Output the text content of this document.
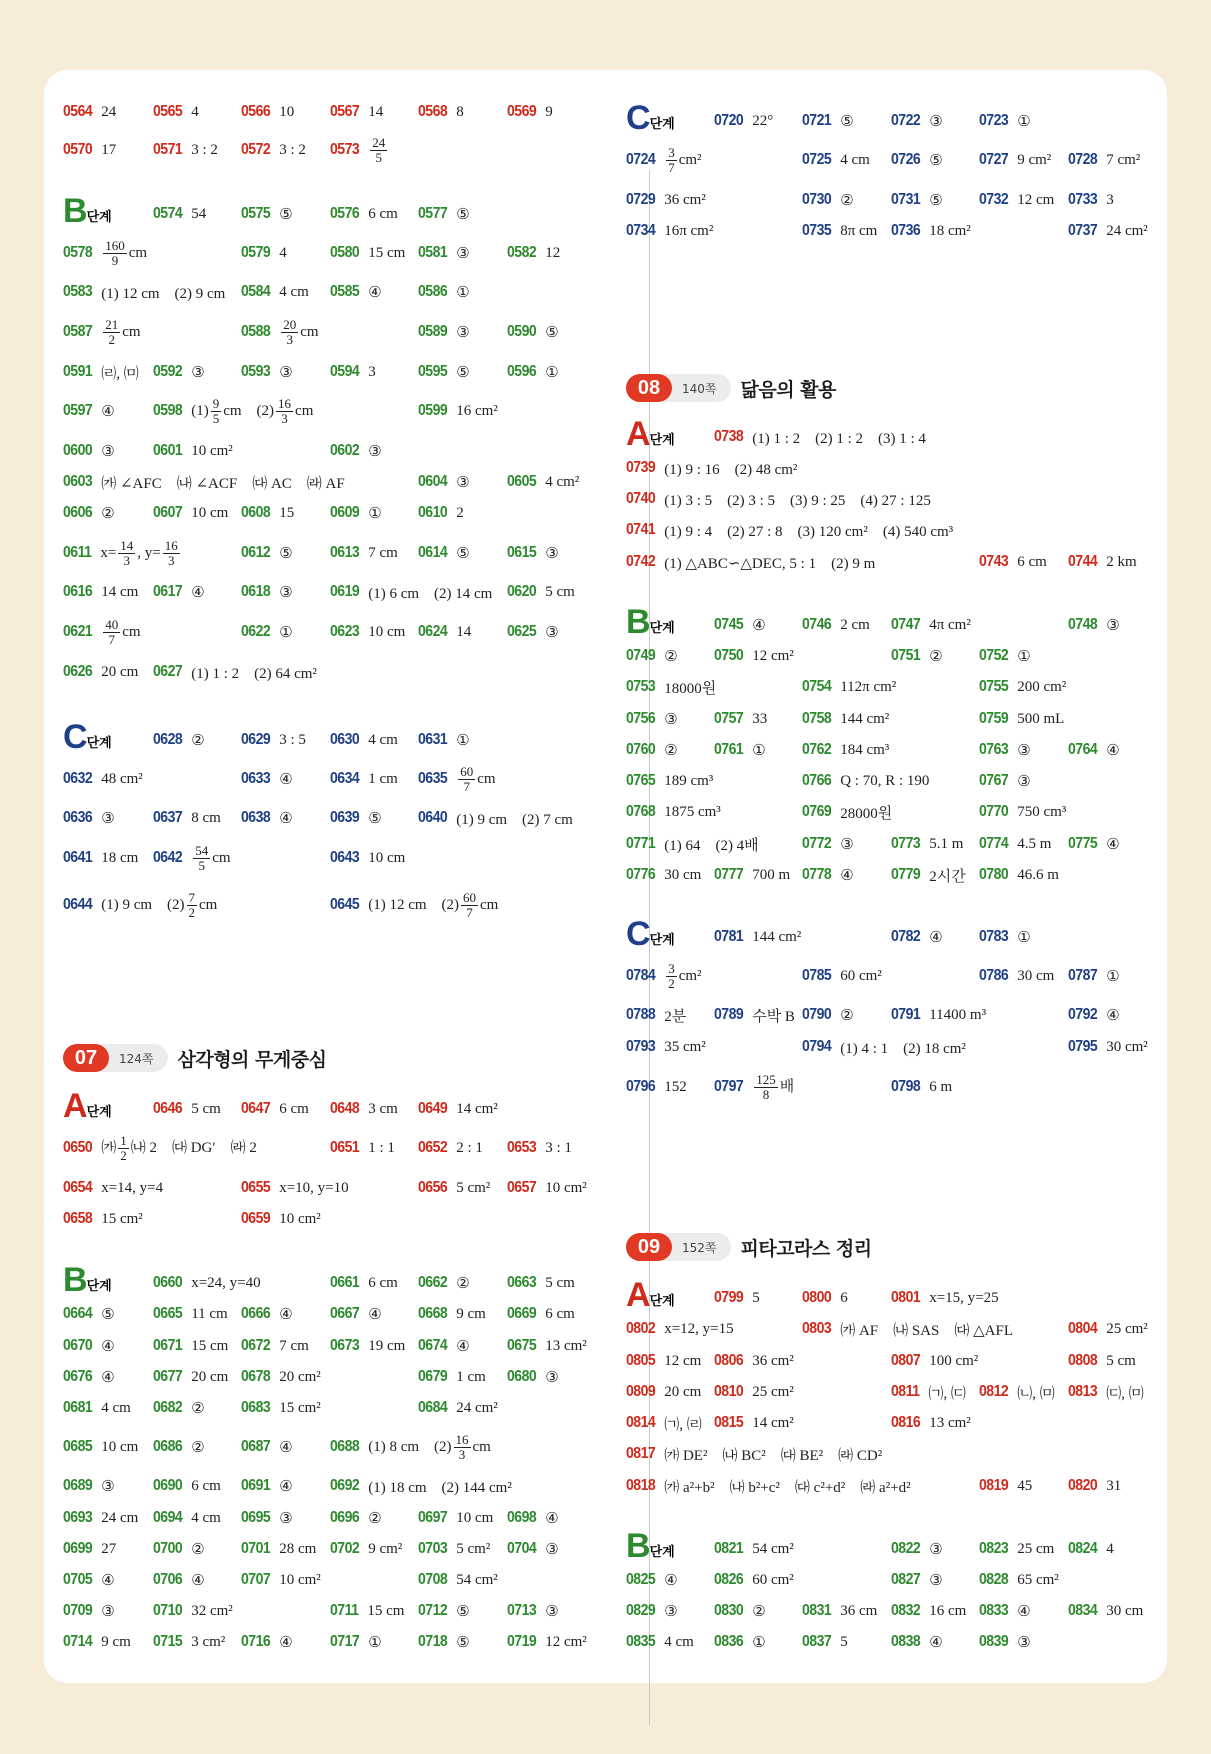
0564 24 0565 4	0566 10 0567 14 0568 8	0569 9
0570 17 0571 3 : 2 0572 3 : 2 $0573 \frac{24}{5}$
0574 54 0575 ⑤ 0576 6 cm 0577 ⑤
$0578 \frac{160}{9}$ cm	0579 4	0580 15 cm 0581 ③ 0582 12
0583 (1) 12 cm　(2) 9 cm 0584 4 cm 0585 ④ 0586 ①
$0587 \frac{21}{2}$ cm	$0588 \frac{20}{3}$ cm	0589 ③ 0590 ⑤
0591 ㈃, ㈄ 0592 ③ 0593 ③ 0594 3	0595 ⑤ 0596 ①
0597 ④ 0598 $(1) \frac{9}{5}$ cm　$(2) \frac{16}{3}$ cm	0599 16 cm²
0600 ③ 0601 10 cm²	0602 ③
0603 ㈎ ∠AFC　㈏ ∠ACF　㈐ AC　㈑ AF	0604 ③ 0605 4 cm²
0606 ② 0607 10 cm 0608 15 0609 ① 0610 2
0611 $x= \frac{14}{3}$ , $y= \frac{16}{3}$	0612 ⑤ 0613 7 cm 0614 ⑤ 0615 ③
0616 14 cm 0617 ④ 0618 ③ 0619 (1) 6 cm　(2) 14 cm 0620 5 cm
$0621 \frac{40}{7}$ cm	0622 ① 0623 10 cm 0624 14 0625 ③
0626 20 cm 0627 (1) 1 : 2　(2) 64 cm²
0628 ② 0629 3 : 5 0630 4 cm 0631 ①
0632 48 cm²	0633 ④ 0634 1 cm $0635 \frac{60}{7}$ cm
0636 ③ 0637 8 cm 0638 ④ 0639 ⑤ 0640 (1) 9 cm　(2) 7 cm
0641 18 cm $0642 \frac{54}{5}$ cm	0643 10 cm
0644 (1) 9 cm　$(2) \frac{7}{2}$ cm	0645 (1) 12 cm　$(2) \frac{60}{7}$ cm
0646 5 cm 0647 6 cm 0648 3 cm 0649 14 cm²
0650 ㈎ $\frac{1}{2}$ ㈏ 2　㈐ DG′　㈑ 2	0651 1 : 1 0652 2 : 1 0653 3 : 1
0654 x=14, y=4	0655 x=10, y=10	0656 5 cm² 0657 10 cm²
0658 15 cm²	0659 10 cm²
0660 x=24, y=40	0661 6 cm 0662 ② 0663 5 cm
0664 ⑤ 0665 11 cm 0666 ④ 0667 ④ 0668 9 cm 0669 6 cm
0670 ④ 0671 15 cm 0672 7 cm 0673 19 cm 0674 ④ 0675 13 cm²
0676 ④ 0677 20 cm 0678 20 cm²	0679 1 cm 0680 ③
0681 4 cm 0682 ② 0683 15 cm²	0684 24 cm²
0685 10 cm 0686 ② 0687 ④ 0688 (1) 8 cm　$(2) \frac{16}{3}$ cm
0689 ③ 0690 6 cm 0691 ④ 0692 (1) 18 cm　(2) 144 cm²
0693 24 cm 0694 4 cm 0695 ③ 0696 ② 0697 10 cm 0698 ④
0699 27 0700 ② 0701 28 cm 0702 9 cm² 0703 5 cm² 0704 ③
0705 ④ 0706 ④ 0707 10 cm²	0708 54 cm²
0709 ③ 0710 32 cm²	0711 15 cm 0712 ⑤ 0713 ③
0714 9 cm 0715 3 cm² 0716 ④ 0717 ① 0718 ⑤ 0719 12 cm²
0720 22° 0721 ⑤ 0722 ③ 0723 ①
$0724 \frac{3}{7} cm^2$	0725 4 cm 0726 ⑤ 0727 9 cm² 0728 7 cm²
0729 36 cm²	0730 ② 0731 ⑤ 0732 12 cm 0733 3
0734 16π cm²	0735 8π cm 0736 18 cm²	0737 24 cm²
0738 (1) 1 : 2　(2) 1 : 2　(3) 1 : 4
0739 (1) 9 : 16　(2) 48 cm²
0740 (1) 3 : 5　(2) 3 : 5　(3) 9 : 25　(4) 27 : 125
0741 (1) 9 : 4　(2) 27 : 8　(3) 120 cm²　(4) 540 cm³
0742 (1) △ABC∽△DEC, 5 : 1　(2) 9 m	0743 6 cm 0744 2 km
0745 ④ 0746 2 cm 0747 4π cm²	0748 ③
0749 ② 0750 12 cm²	0751 ② 0752 ①
0753 18000원	0754 112π cm²	0755 200 cm²
0756 ③ 0757 33 0758 144 cm²	0759 500 mL
0760 ② 0761 ① 0762 184 cm³	0763 ③ 0764 ④
0765 189 cm³	0766 Q : 70, R : 190	0767 ③
0768 1875 cm³	0769 28000원	0770 750 cm³
0771 (1) 64　(2) 4배	0772 ③ 0773 5.1 m 0774 4.5 m 0775 ④
0776 30 cm 0777 700 m 0778 ④ 0779 2시간 0780 46.6 m
0781 144 cm²	0782 ④ 0783 ①
$0784 \frac{3}{2} cm^2$	0785 60 cm²	0786 30 cm 0787 ①
0788 2분 0789 수박 B 0790 ② 0791 11400 m³	0792 ④
0793 35 cm²	0794 (1) 4 : 1　(2) 18 cm²	0795 30 cm²
0796 152 $0797 \frac{125}{8}$ 배	0798 6 m
0799 5	0800 6	0801 x=15, y=25
0802 x=12, y=15	0803 ㈎ AF　㈏ SAS　㈐ △AFL	0804 25 cm²
0805 12 cm 0806 36 cm²	0807 100 cm²	0808 5 cm
0809 20 cm 0810 25 cm²	0811 ㈀, ㈂ 0812 ㈁, ㈄ 0813 ㈂, ㈄
0814 ㈀, ㈃ 0815 14 cm²	0816 13 cm²
0817 ㈎ DE²　㈏ BC²　㈐ BE²　㈑ CD²
0818 ㈎ a²+b²　㈏ b²+c²　㈐ c²+d²　㈑ a²+d²	0819 45 0820 31
0821 54 cm²	0822 ③ 0823 25 cm 0824 4
0825 ④ 0826 60 cm²	0827 ③ 0828 65 cm²
0829 ③ 0830 ② 0831 36 cm 0832 16 cm 0833 ④ 0834 30 cm
0835 4 cm 0836 ① 0837 5	0838 ④ 0839 ③
B 단계
C 단계
A 단계
B 단계
C 단계
A 단계
B 단계
C 단계
A 단계
B 단계
07	124쪽 삼각형의 무게중심
08	140쪽 닮음의 활용
09	152쪽 피타고라스 정리
